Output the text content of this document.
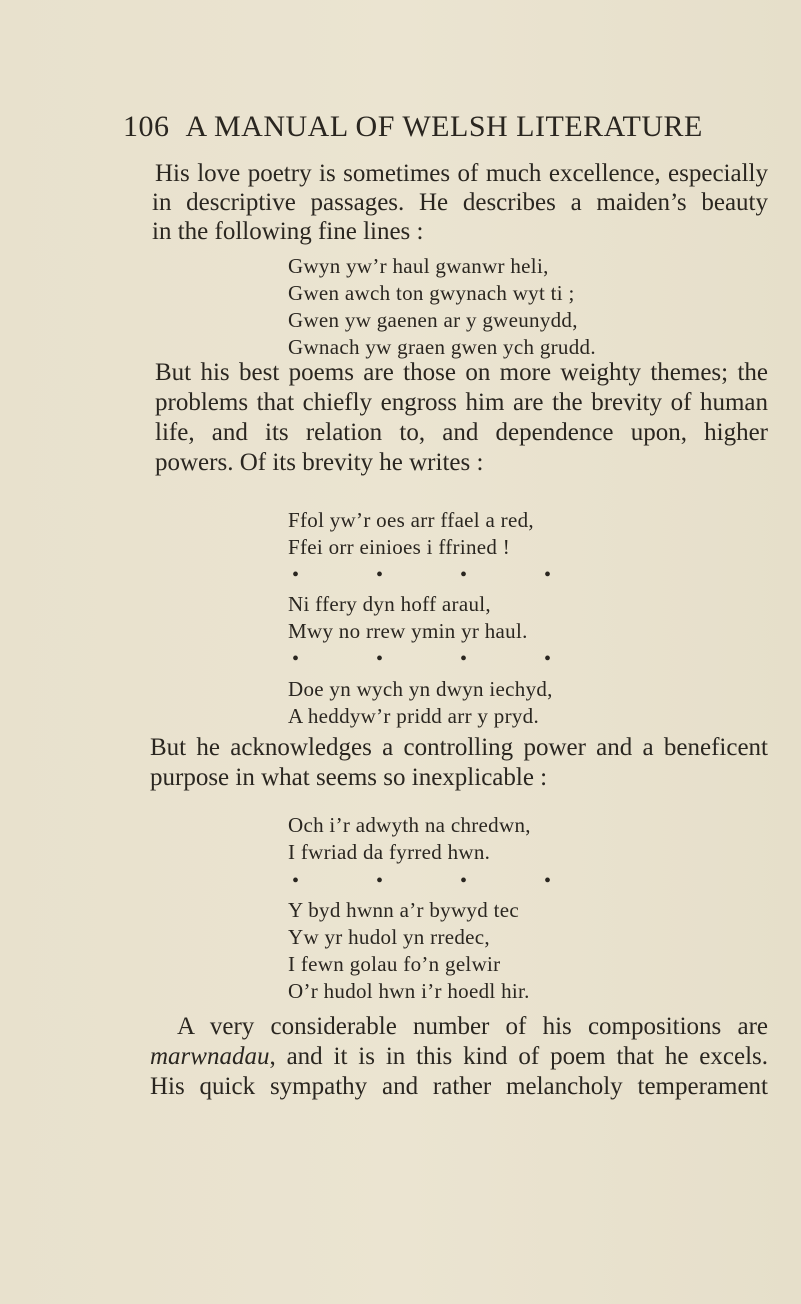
106 A MANUAL OF WELSH LITERATURE
His love poetry is sometimes of much excellence, especially
in descriptive passages. He describes a maiden’s beauty
in the following fine lines :
Gwyn yw’r haul gwanwr heli,
Gwen awch ton gwynach wyt ti ;
Gwen yw gaenen ar y gweunydd,
Gwnach yw graen gwen ych grudd.
But his best poems are those on more weighty themes; the
problems that chiefly engross him are the brevity of human
life, and its relation to, and dependence upon, higher
powers. Of its brevity he writes :
Ffol yw’r oes arr ffael a red,
Ffei orr einioes i ffrined !
• • • •
Ni ffery dyn hoff araul,
Mwy no rrew ymin yr haul.
• • • •
Doe yn wych yn dwyn iechyd,
A heddyw’r pridd arr y pryd.
But he acknowledges a controlling power and a beneficent
purpose in what seems so inexplicable :
Och i’r adwyth na chredwn,
I fwriad da fyrred hwn.
• • • •
Y byd hwnn a’r bywyd tec
Yw yr hudol yn rredec,
I fewn golau fo’n gelwir
O’r hudol hwn i’r hoedl hir.
A very considerable number of his compositions are
marwnadau, and it is in this kind of poem that he excels.
His quick sympathy and rather melancholy temperament
